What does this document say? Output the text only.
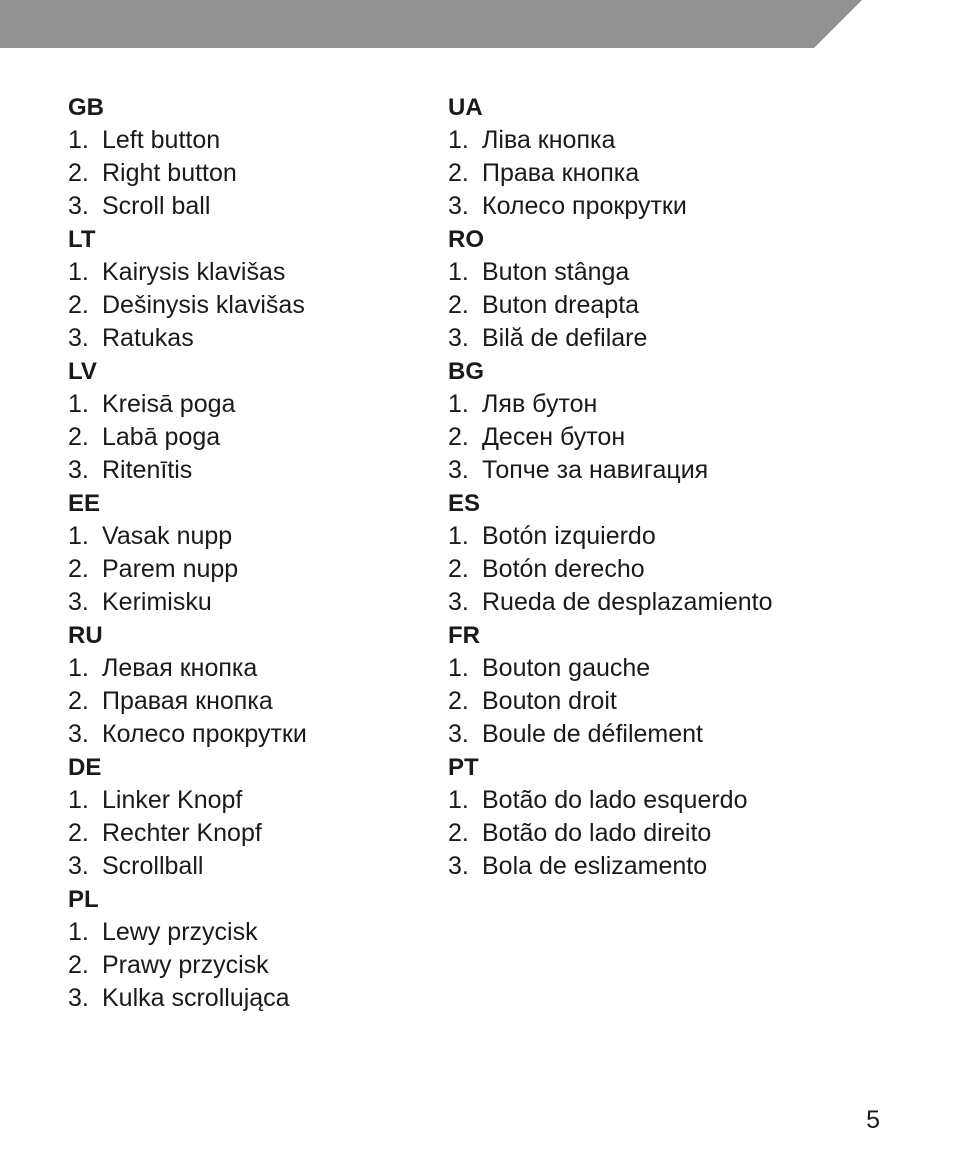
GB
1. Left button
2. Right button
3. Scroll ball
LT
1. Kairysis klavišas
2. Dešinysis klavišas
3. Ratukas
LV
1. Kreisā poga
2. Labā poga
3. Ritenītis
EE
1. Vasak nupp
2. Parem nupp
3. Kerimisku
RU
1. Левая кнопка
2. Правая кнопка
3. Колесо прокрутки
DE
1. Linker Knopf
2. Rechter Knopf
3. Scrollball
PL
1. Lewy przycisk
2. Prawy przycisk
3. Kulka scrollująca
UA
1. Ліва кнопка
2. Права кнопка
3. Колесо прокрутки
RO
1. Buton stânga
2. Buton dreapta
3. Bilă de defilare
BG
1. Ляв бутон
2. Десен бутон
3. Топче за навигация
ES
1. Botón izquierdo
2. Botón derecho
3. Rueda de desplazamiento
FR
1. Bouton gauche
2. Bouton droit
3. Boule de défilement
PT
1. Botão do lado esquerdo
2. Botão do lado direito
3. Bola de eslizamento
5
